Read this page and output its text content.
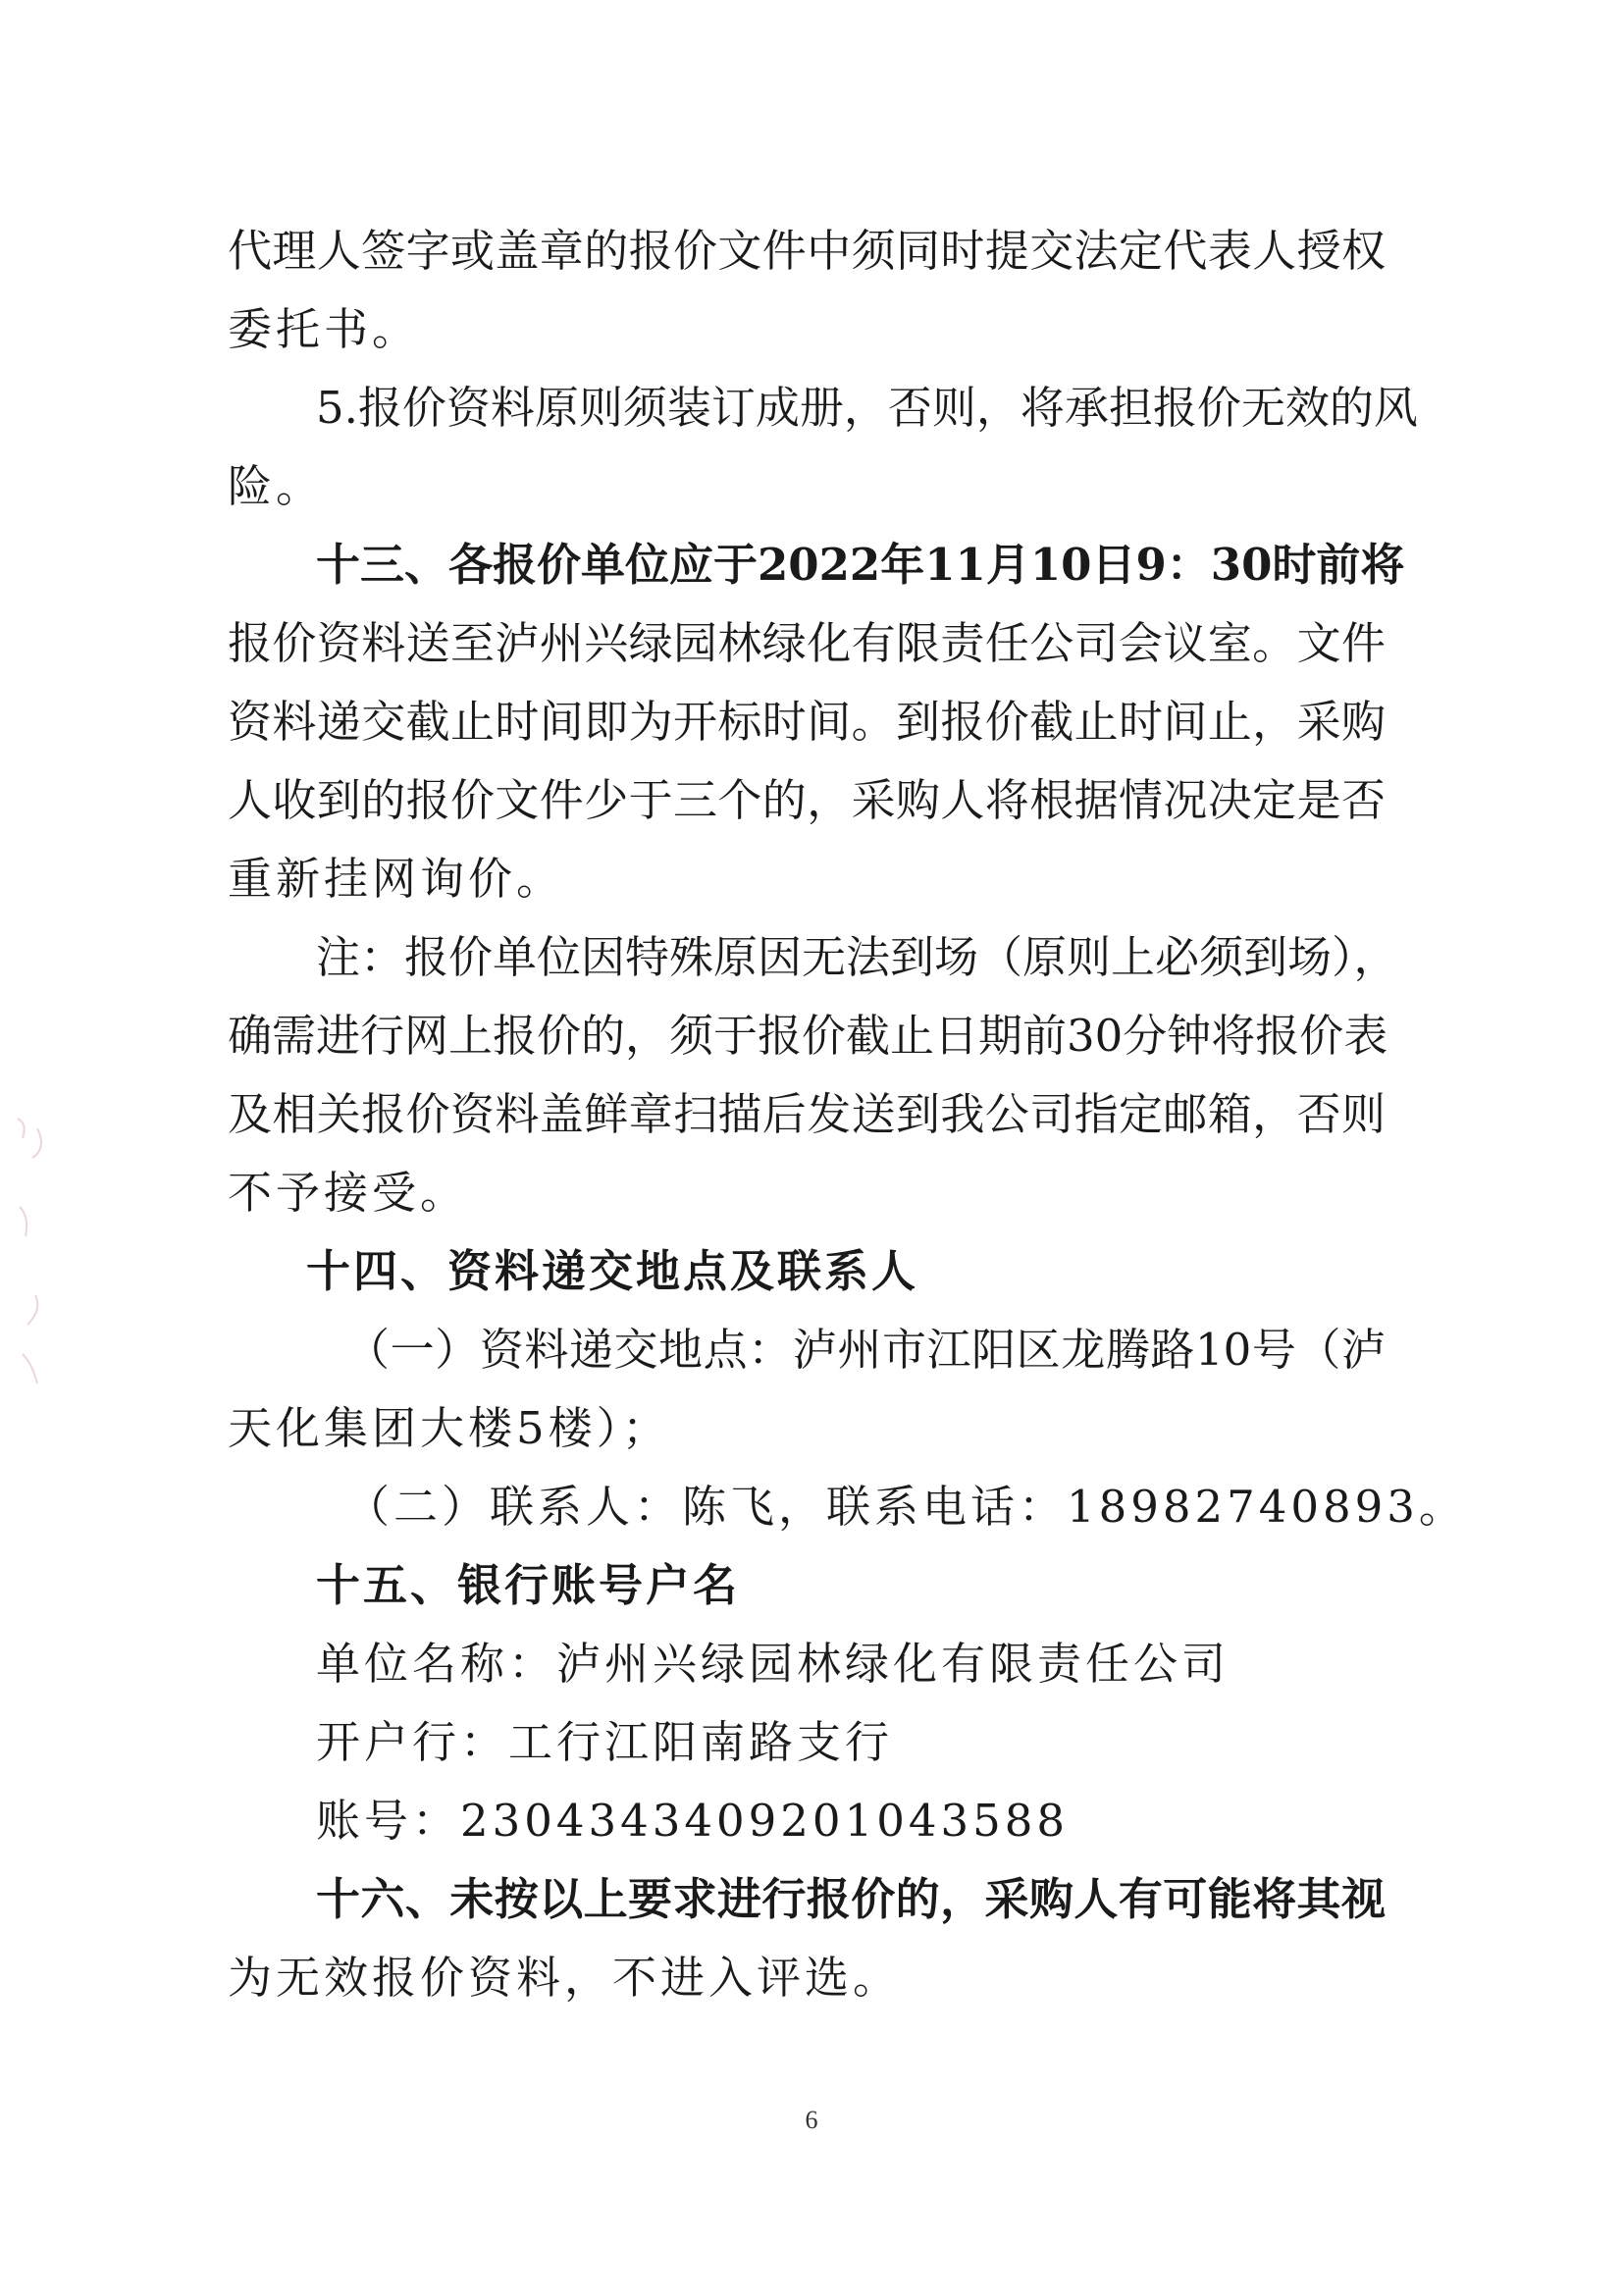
代理人签字或盖章的报价文件中须同时提交法定代表人授权
委托书。
5.报价资料原则须装订成册，否则，将承担报价无效的风
险。
十三、各报价单位应于2022年11月10日9：30时前将
报价资料送至泸州兴绿园林绿化有限责任公司会议室。文件
资料递交截止时间即为开标时间。到报价截止时间止，采购
人收到的报价文件少于三个的，采购人将根据情况决定是否
重新挂网询价。
注：报价单位因特殊原因无法到场（原则上必须到场），
确需进行网上报价的，须于报价截止日期前30分钟将报价表
及相关报价资料盖鲜章扫描后发送到我公司指定邮箱，否则
不予接受。
十四、资料递交地点及联系人
（一）资料递交地点：泸州市江阳区龙腾路10号（泸
天化集团大楼5楼）；
（二）联系人：陈飞，联系电话：18982740893。
十五、银行账号户名
单位名称：泸州兴绿园林绿化有限责任公司
开户行：工行江阳南路支行
账号：2304343409201043588
十六、未按以上要求进行报价的，采购人有可能将其视
为无效报价资料，不进入评选。
6
